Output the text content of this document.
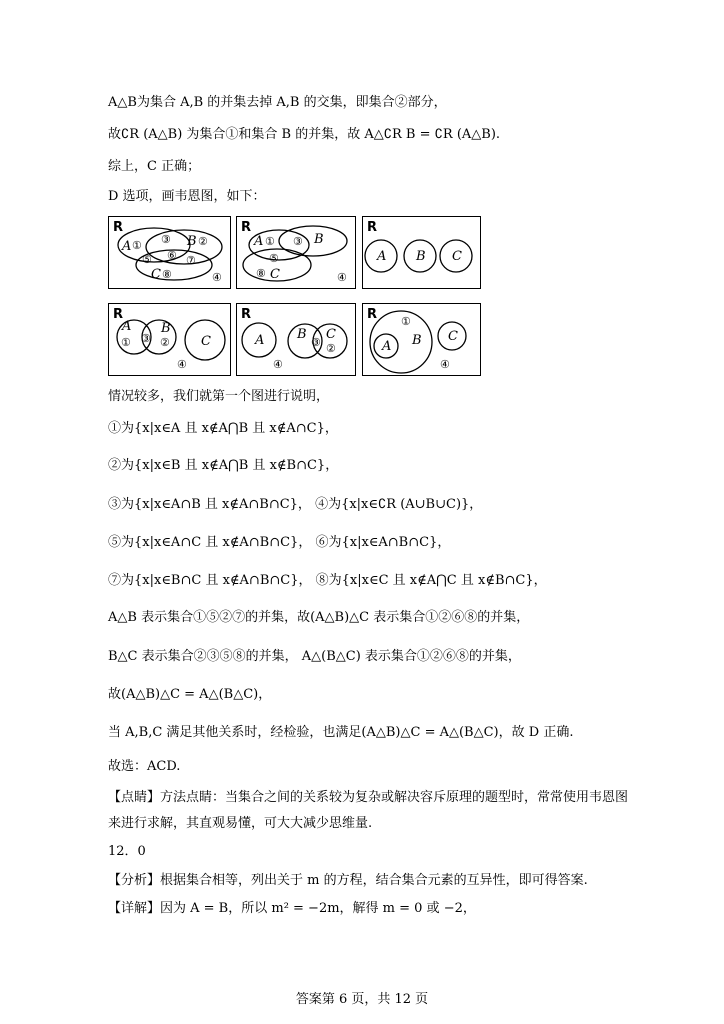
A△B为集合 A,B 的并集去掉 A,B 的交集，即集合②部分，
故∁R (A△B) 为集合①和集合 B 的并集，故 A△∁R B = ∁R (A△B).
综上，C 正确；
D 选项，画韦恩图，如下：
R
A ① ③ B ②
⑤ ⑥ ⑦
C ⑧	④
R
A ① ③ B
⑤
⑧ C	④
R
A B C
R
A
① ③
B
② C
④
R
A	B
③
C
②
④
R ①
A B C
④
情况较多，我们就第一个图进行说明，
①为{x|x∈A 且 x∉A⋂B 且 x∉A∩C}，
②为{x|x∈B 且 x∉A⋂B 且 x∉B∩C}，
③为{x|x∈A∩B 且 x∉A∩B∩C}， ④为{x|x∈∁R (A∪B∪C)}，
⑤为{x|x∈A∩C 且 x∉A∩B∩C}， ⑥为{x|x∈A∩B∩C}，
⑦为{x|x∈B∩C 且 x∉A∩B∩C}， ⑧为{x|x∈C 且 x∉A⋂C 且 x∉B∩C}，
A△B 表示集合①⑤②⑦的并集，故(A△B)△C 表示集合①②⑥⑧的并集，
B△C 表示集合②③⑤⑧的并集， A△(B△C) 表示集合①②⑥⑧的并集，
故(A△B)△C = A△(B△C)，
当 A,B,C 满足其他关系时，经检验，也满足(A△B)△C = A△(B△C)，故 D 正确.
故选：ACD.
【点睛】方法点睛：当集合之间的关系较为复杂或解决容斥原理的题型时，常常使用韦恩图来进行求解，其直观易懂，可大大减少思维量.
12．0
【分析】根据集合相等，列出关于 m 的方程，结合集合元素的互异性，即可得答案.
【详解】因为 A = B，所以 m² = −2m，解得 m = 0 或 −2，
答案第 6 页，共 12 页
